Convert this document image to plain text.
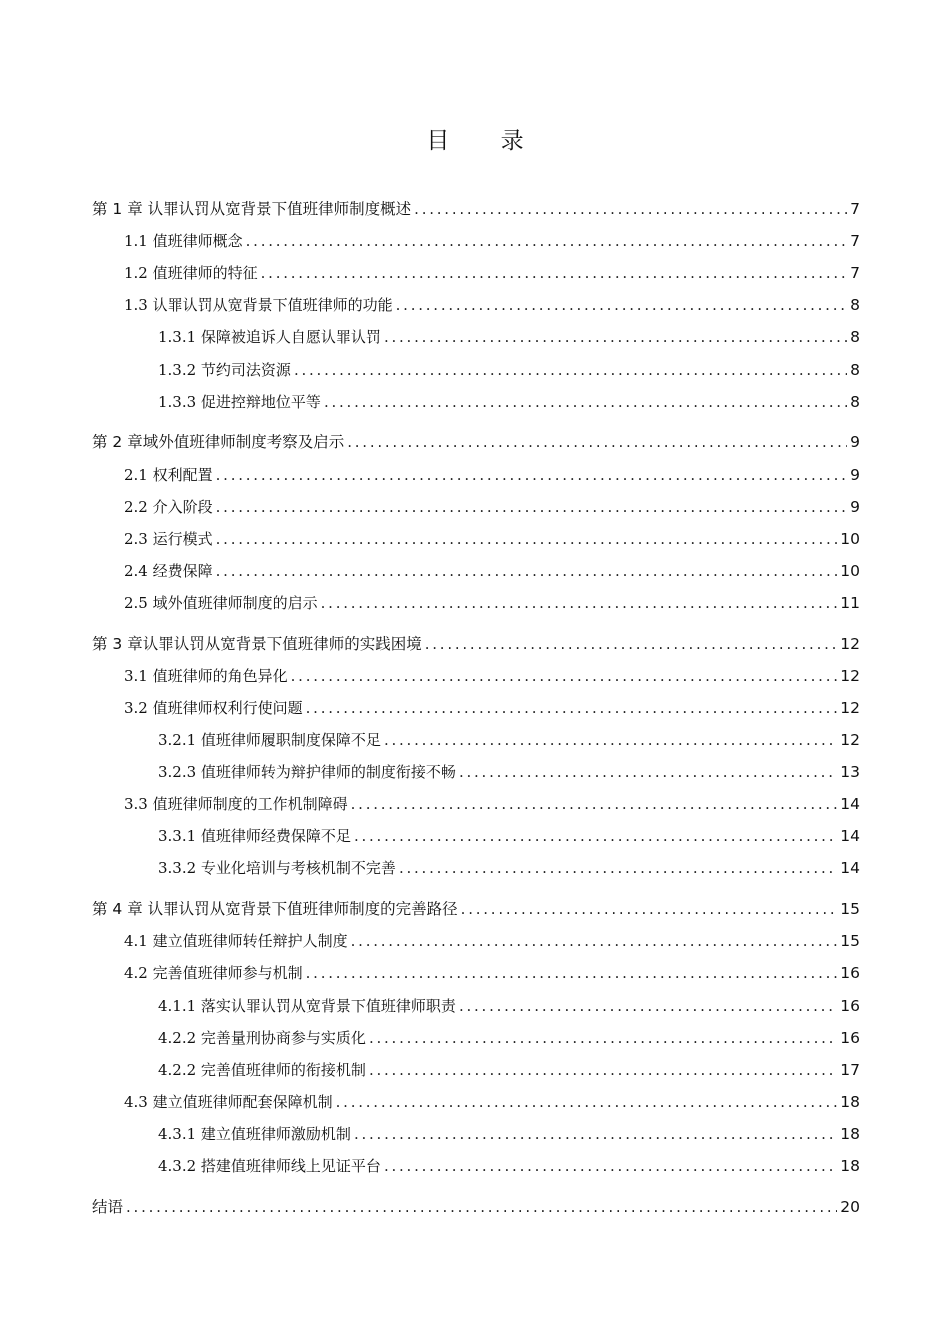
目 录
第 1 章 认罪认罚从宽背景下值班律师制度概述 . . .	7
1.1 值班律师概念 . . .	7
1.2 值班律师的特征 . . .	7
1.3 认罪认罚从宽背景下值班律师的功能 . . .	8
1.3.1 保障被追诉人自愿认罪认罚 . . .	8
1.3.2 节约司法资源 . . .	8
1.3.3 促进控辩地位平等 . . .	8
第 2 章域外值班律师制度考察及启示 . . .	9
2.1 权利配置 . . .	9
2.2 介入阶段 . . .	9
2.3 运行模式 . . .	10
2.4 经费保障 . . .	10
2.5 域外值班律师制度的启示 . . .	11
第 3 章认罪认罚从宽背景下值班律师的实践困境 . . .	12
3.1 值班律师的角色异化 . . .	12
3.2 值班律师权利行使问题 . . .	12
3.2.1 值班律师履职制度保障不足 . . .	12
3.2.3 值班律师转为辩护律师的制度衔接不畅 . . .	13
3.3 值班律师制度的工作机制障碍 . . .	14
3.3.1 值班律师经费保障不足 . . .	14
3.3.2 专业化培训与考核机制不完善 . . .	14
第 4 章 认罪认罚从宽背景下值班律师制度的完善路径 . . .	15
4.1 建立值班律师转任辩护人制度 . . .	15
4.2 完善值班律师参与机制 . . .	16
4.1.1 落实认罪认罚从宽背景下值班律师职责 . . .	16
4.2.2 完善量刑协商参与实质化 . . .	16
4.2.2 完善值班律师的衔接机制 . . .	17
4.3 建立值班律师配套保障机制 . . .	18
4.3.1 建立值班律师激励机制 . . .	18
4.3.2 搭建值班律师线上见证平台 . . .	18
结语 . . .	20
